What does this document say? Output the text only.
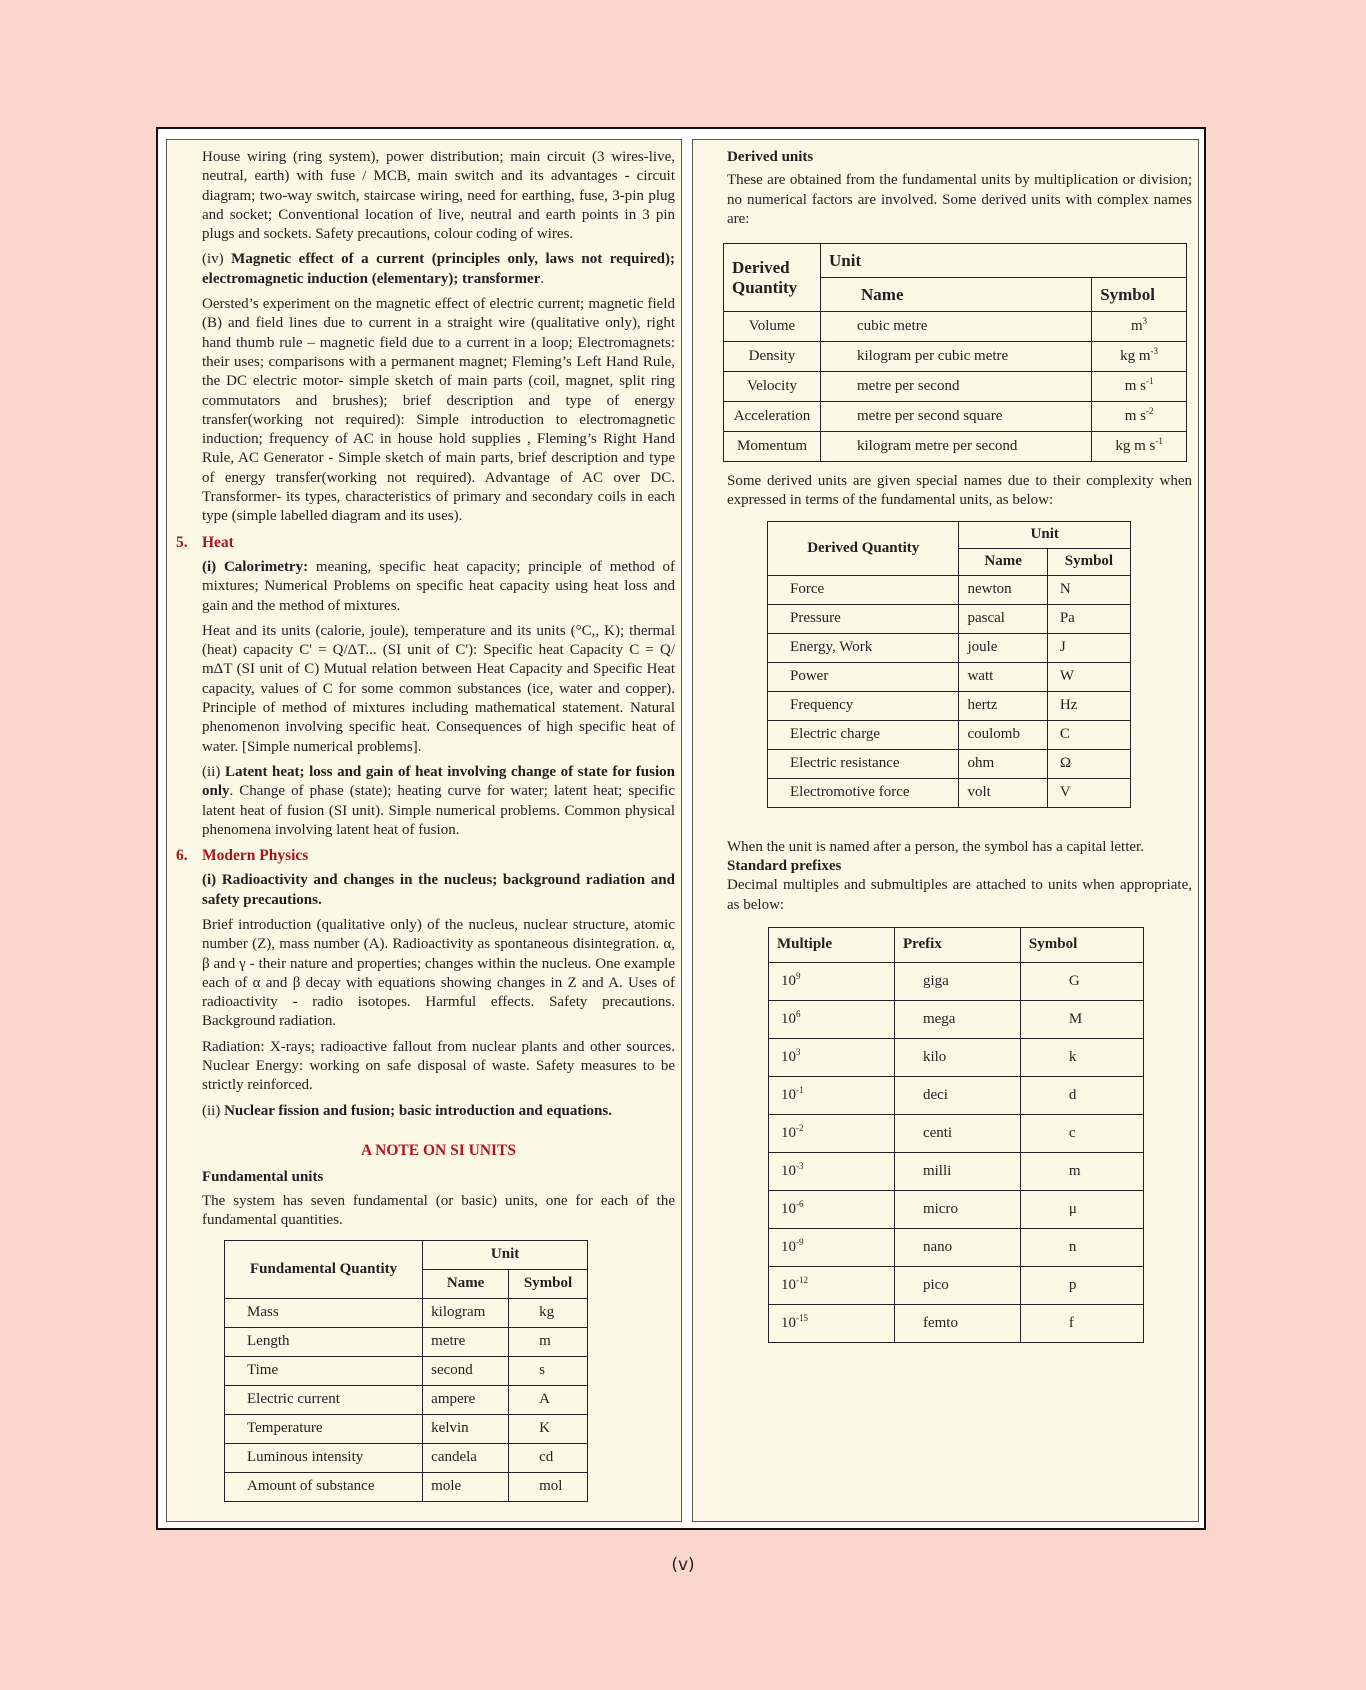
House wiring (ring system), power distribution; main circuit (3 wires-live, neutral, earth) with fuse / MCB, main switch and its advantages - circuit diagram; two-way switch, staircase wiring, need for earthing, fuse, 3-pin plug and socket; Conventional location of live, neutral and earth points in 3 pin plugs and sockets. Safety precautions, colour coding of wires.

(iv) Magnetic effect of a current (principles only, laws not required); electromagnetic induction (elementary); transformer.

Oersted’s experiment on the magnetic effect of electric current; magnetic field (B) and field lines due to current in a straight wire (qualitative only), right hand thumb rule – magnetic field due to a current in a loop; Electromagnets: their uses; comparisons with a permanent magnet; Fleming’s Left Hand Rule, the DC electric motor- simple sketch of main parts (coil, magnet, split ring commutators and brushes); brief description and type of energy transfer(working not required): Simple introduction to electromagnetic induction; frequency of AC in house hold supplies , Fleming’s Right Hand Rule, AC Generator - Simple sketch of main parts, brief description and type of energy transfer(working not required). Advantage of AC over DC. Transformer- its types, characteristics of primary and secondary coils in each type (simple labelled diagram and its uses).

5. Heat

(i) Calorimetry: meaning, specific heat capacity; principle of method of mixtures; Numerical Problems on specific heat capacity using heat loss and gain and the method of mixtures.

Heat and its units (calorie, joule), temperature and its units (°C,, K); thermal (heat) capacity C' = Q/ΔT... (SI unit of C'): Specific heat Capacity C = Q/ mΔT (SI unit of C) Mutual relation between Heat Capacity and Specific Heat capacity, values of C for some common substances (ice, water and copper). Principle of method of mixtures including mathematical statement. Natural phenomenon involving specific heat. Consequences of high specific heat of water. [Simple numerical problems].

(ii) Latent heat; loss and gain of heat involving change of state for fusion only. Change of phase (state); heating curve for water; latent heat; specific latent heat of fusion (SI unit). Simple numerical problems. Common physical phenomena involving latent heat of fusion.

6. Modern Physics

(i) Radioactivity and changes in the nucleus; background radiation and safety precautions.

Brief introduction (qualitative only) of the nucleus, nuclear structure, atomic number (Z), mass number (A). Radioactivity as spontaneous disintegration. α, β and γ - their nature and properties; changes within the nucleus. One example each of α and β decay with equations showing changes in Z and A. Uses of radioactivity - radio isotopes. Harmful effects. Safety precautions. Background radiation.

Radiation: X-rays; radioactive fallout from nuclear plants and other sources. Nuclear Energy: working on safe disposal of waste. Safety measures to be strictly reinforced.

(ii) Nuclear fission and fusion; basic introduction and equations.

A NOTE ON SI UNITS
Fundamental units

The system has seven fundamental (or basic) units, one for each of the fundamental quantities.

Fundamental Quantity	Unit	
	Name	Symbol
Mass	kilogram	kg
Length	metre	m
Time	second	s
Electric current	ampere	A
Temperature	kelvin	K
Luminous intensity	candela	cd
Amount of substance	mole	mol
Derived units

These are obtained from the fundamental units by multiplication or division; no numerical factors are involved. Some derived units with complex names are:

Derived Quantity	Unit	
	Name	Symbol
Volume	cubic metre	$m^3$
Density	kilogram per cubic metre	kg $m^{-3}$
Velocity	metre per second	m $s^{-1}$
Acceleration	metre per second square	m $s^{-2}$
Momentum	kilogram metre per second	kg m $s^{-1}$

Some derived units are given special names due to their complexity when expressed in terms of the fundamental units, as below:

Derived Quantity	Unit	
	Name	Symbol
Force	newton	N
Pressure	pascal	Pa
Energy, Work	joule	J
Power	watt	W
Frequency	hertz	Hz
Electric charge	coulomb	C
Electric resistance	ohm	Ω
Electromotive force	volt	V
When the unit is named after a person, the symbol has a capital letter.
Standard prefixes

Decimal multiples and submultiples are attached to units when appropriate, as below:

Multiple	Prefix	Symbol
$10^9$	giga	G
$10^6$	mega	M
$10^3$	kilo	k
$10^{-1}$	deci	d
$10^{-2}$	centi	c
$10^{-3}$	milli	m
$10^{-6}$	micro	μ
$10^{-9}$	nano	n
$10^{-12}$	pico	p
$10^{-15}$	femto	f
(v)
